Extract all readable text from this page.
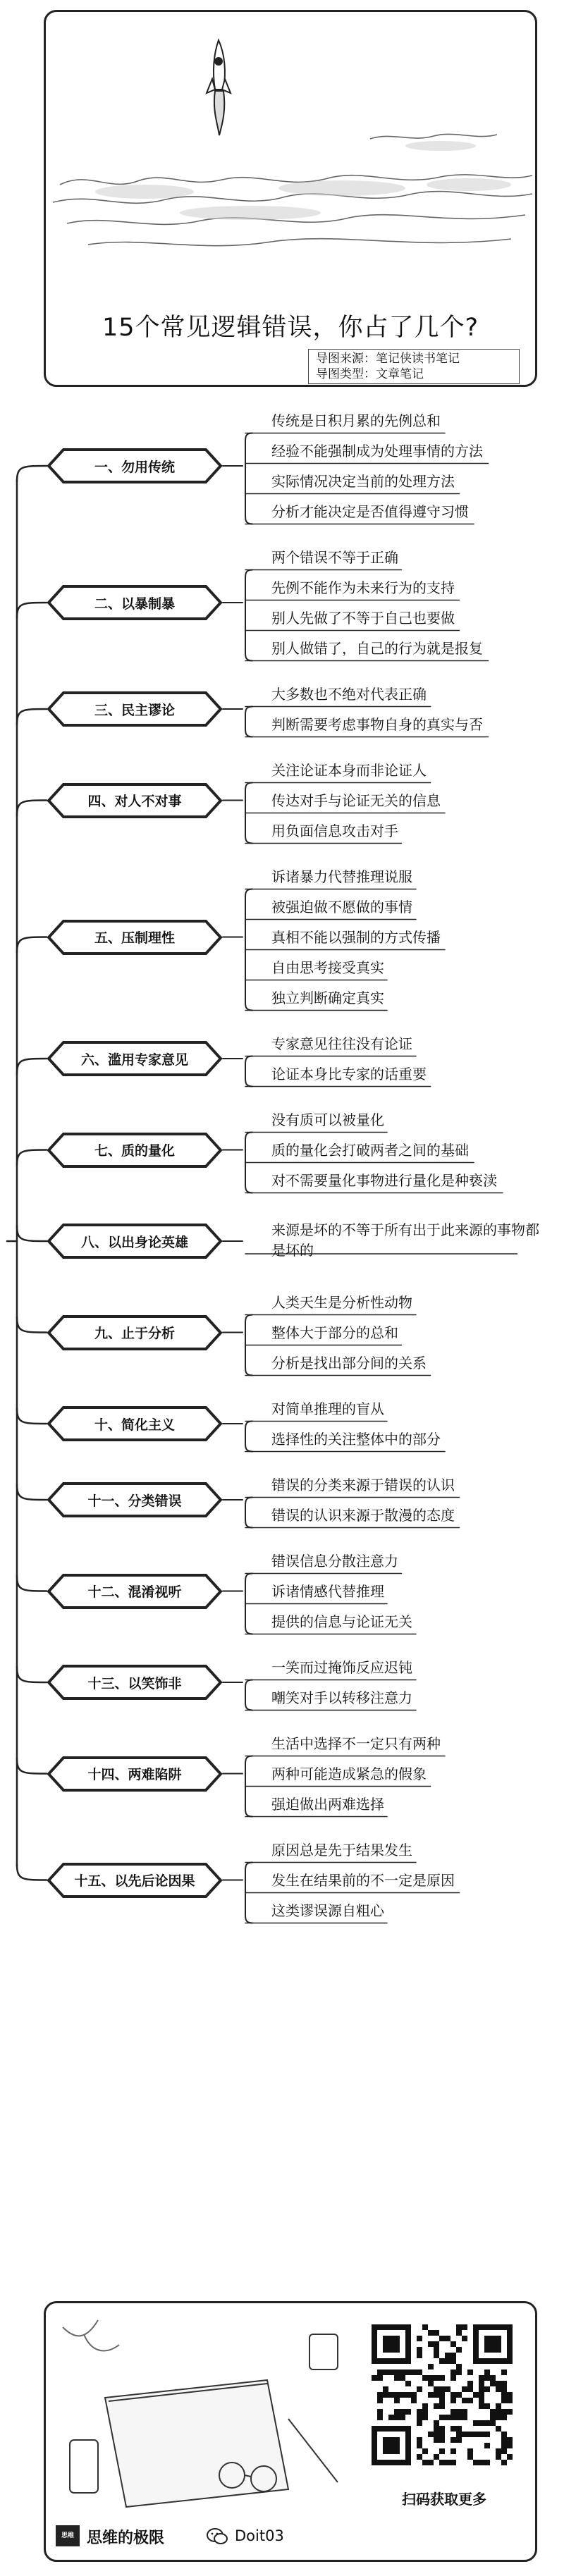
15个常见逻辑错误，你占了几个?
导图来源：笔记侠读书笔记
导图类型：文章笔记
一、勿用传统
传统是日积月累的先例总和
经验不能强制成为处理事情的方法
实际情况决定当前的处理方法
分析才能决定是否值得遵守习惯
二、以暴制暴
两个错误不等于正确
先例不能作为未来行为的支持
别人先做了不等于自己也要做
别人做错了，自己的行为就是报复
三、民主谬论
大多数也不绝对代表正确
判断需要考虑事物自身的真实与否
四、对人不对事
关注论证本身而非论证人
传达对手与论证无关的信息
用负面信息攻击对手
五、压制理性
诉诸暴力代替推理说服
被强迫做不愿做的事情
真相不能以强制的方式传播
自由思考接受真实
独立判断确定真实
六、滥用专家意见
专家意见往往没有论证
论证本身比专家的话重要
七、质的量化
没有质可以被量化
质的量化会打破两者之间的基础
对不需要量化事物进行量化是种亵渎
八、以出身论英雄
来源是坏的不等于所有出于此来源的事物都是坏的
九、止于分析
人类天生是分析性动物
整体大于部分的总和
分析是找出部分间的关系
十、简化主义
对简单推理的盲从
选择性的关注整体中的部分
十一、分类错误
错误的分类来源于错误的认识
错误的认识来源于散漫的态度
十二、混淆视听
错误信息分散注意力
诉诸情感代替推理
提供的信息与论证无关
十三、以笑饰非
一笑而过掩饰反应迟钝
嘲笑对手以转移注意力
十四、两难陷阱
生活中选择不一定只有两种
两种可能造成紧急的假象
强迫做出两难选择
十五、以先后论因果
原因总是先于结果发生
发生在结果前的不一定是原因
这类谬误源自粗心
扫码获取更多
思维 思维的极限	Doit03
